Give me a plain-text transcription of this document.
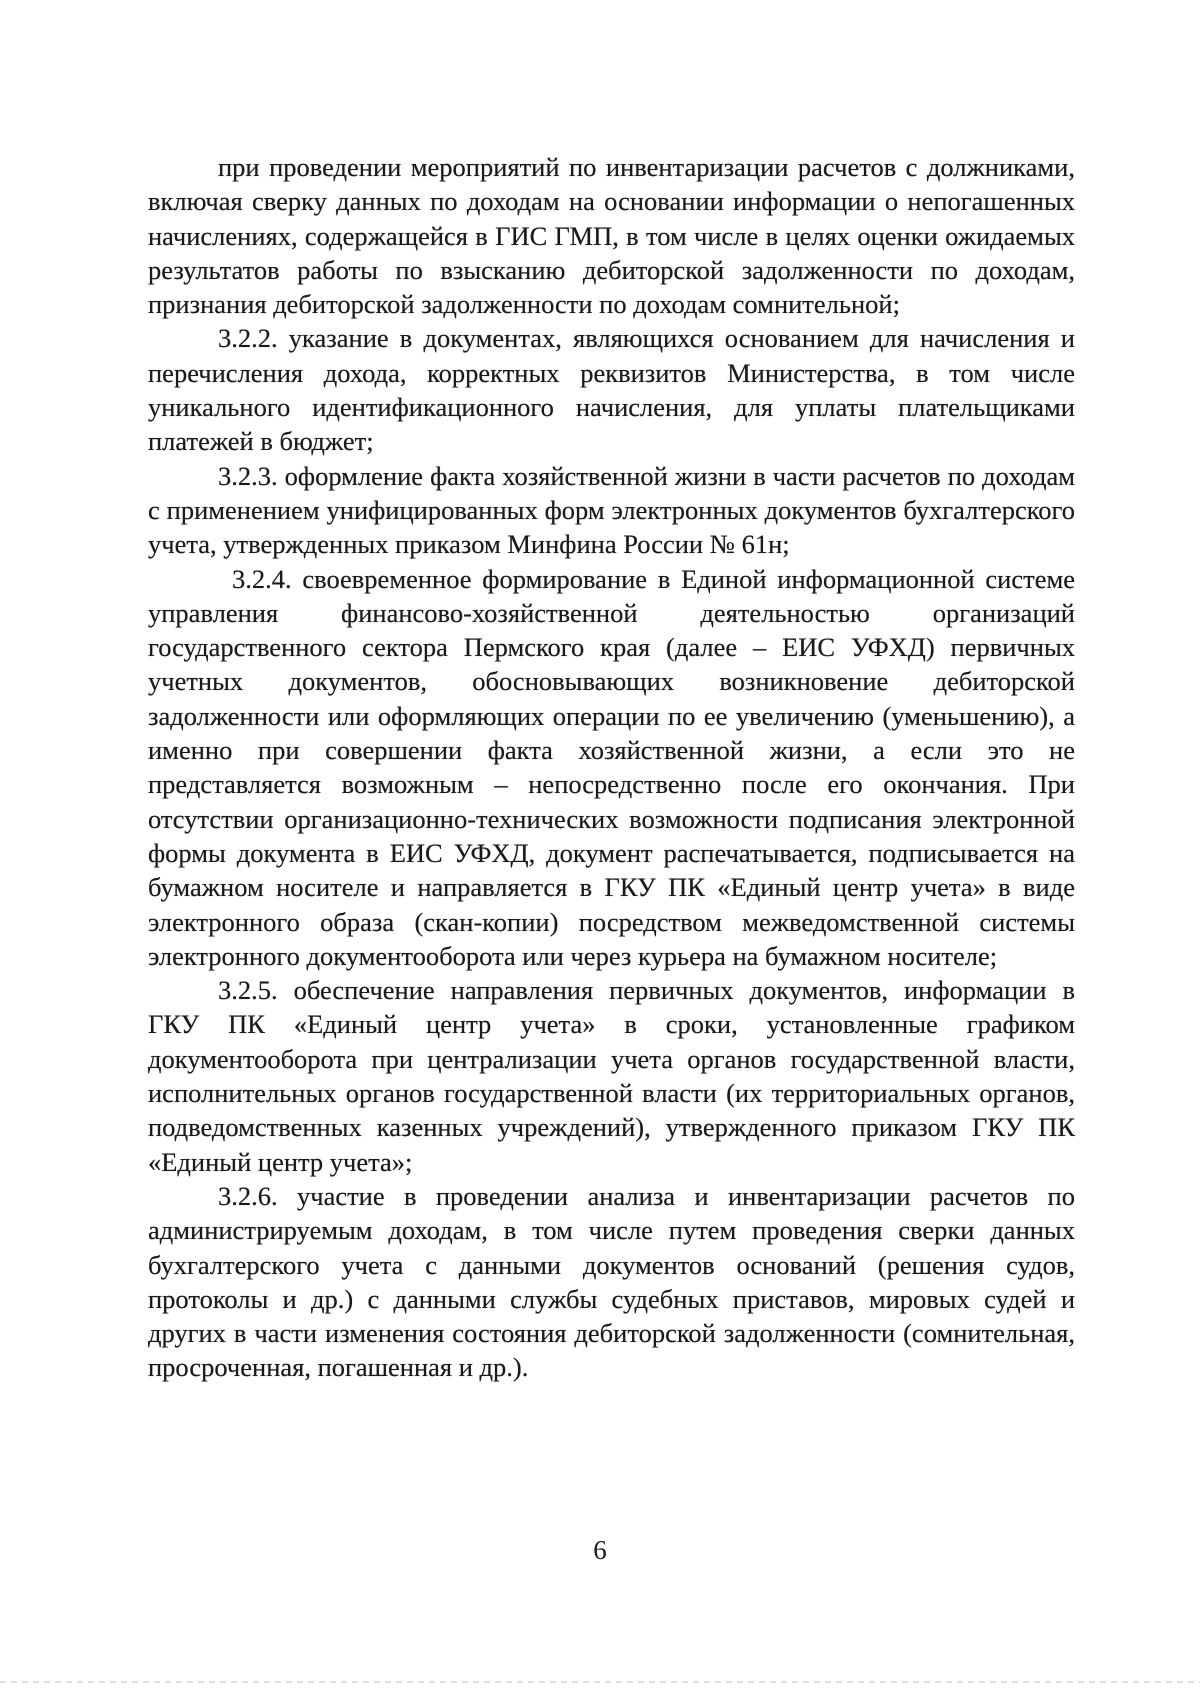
при проведении мероприятий по инвентаризации расчетов с должниками, включая сверку данных по доходам на основании информации о непогашенных начислениях, содержащейся в ГИС ГМП, в том числе в целях оценки ожидаемых результатов работы по взысканию дебиторской задолженности по доходам, признания дебиторской задолженности по доходам сомнительной;

3.2.2. указание в документах, являющихся основанием для начисления и перечисления дохода, корректных реквизитов Министерства, в том числе уникального идентификационного начисления, для уплаты плательщиками платежей в бюджет;

3.2.3. оформление факта хозяйственной жизни в части расчетов по доходам с применением унифицированных форм электронных документов бухгалтерского учета, утвержденных приказом Минфина России № 61н;

3.2.4. своевременное формирование в Единой информационной системе управления финансово-хозяйственной деятельностью организаций государственного сектора Пермского края (далее – ЕИС УФХД) первичных учетных документов, обосновывающих возникновение дебиторской задолженности или оформляющих операции по ее увеличению (уменьшению), а именно при совершении факта хозяйственной жизни, а если это не представляется возможным – непосредственно после его окончания. При отсутствии организационно-технических возможности подписания электронной формы документа в ЕИС УФХД, документ распечатывается, подписывается на бумажном носителе и направляется в ГКУ ПК «Единый центр учета» в виде электронного образа (скан-копии) посредством межведомственной системы электронного документооборота или через курьера на бумажном носителе;

3.2.5. обеспечение направления первичных документов, информации в ГКУ ПК «Единый центр учета» в сроки, установленные графиком документооборота при централизации учета органов государственной власти, исполнительных органов государственной власти (их территориальных органов, подведомственных казенных учреждений), утвержденного приказом ГКУ ПК «Единый центр учета»;

3.2.6. участие в проведении анализа и инвентаризации расчетов по администрируемым доходам, в том числе путем проведения сверки данных бухгалтерского учета с данными документов оснований (решения судов, протоколы и др.) с данными службы судебных приставов, мировых судей и других в части изменения состояния дебиторской задолженности (сомнительная, просроченная, погашенная и др.).

6
